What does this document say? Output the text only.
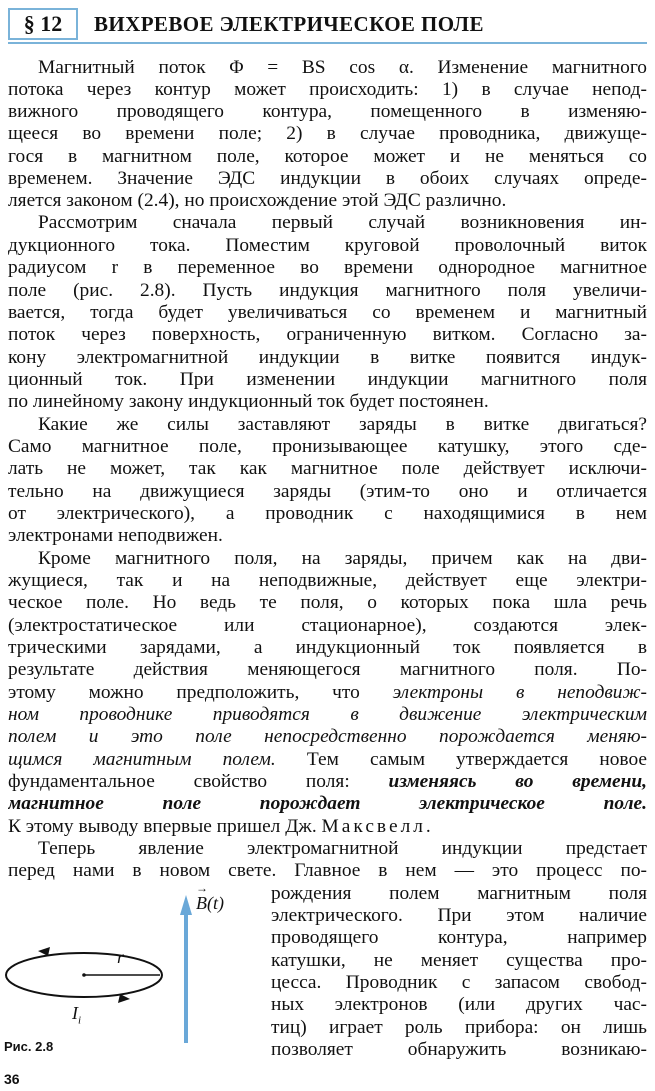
§ 12	ВИХРЕВОЕ ЭЛЕКТРИЧЕСКОЕ ПОЛЕ
Магнитный поток Φ = BS cos α. Изменение магнитного
потока через контур может происходить: 1) в случае непод-
вижного проводящего контура, помещенного в изменяю-
щееся во времени поле; 2) в случае проводника, движуще-
гося в магнитном поле, которое может и не меняться со
временем. Значение ЭДС индукции в обоих случаях опреде-
ляется законом (2.4), но происхождение этой ЭДС различно.
Рассмотрим сначала первый случай возникновения ин-
дукционного тока. Поместим круговой проволочный виток
радиусом r в переменное во времени однородное магнитное
поле (рис. 2.8). Пусть индукция магнитного поля увеличи-
вается, тогда будет увеличиваться со временем и магнитный
поток через поверхность, ограниченную витком. Согласно за-
кону электромагнитной индукции в витке появится индук-
ционный ток. При изменении индукции магнитного поля
по линейному закону индукционный ток будет постоянен.
Какие же силы заставляют заряды в витке двигаться?
Само магнитное поле, пронизывающее катушку, этого сде-
лать не может, так как магнитное поле действует исключи-
тельно на движущиеся заряды (этим-то оно и отличается
от электрического), а проводник с находящимися в нем
электронами неподвижен.
Кроме магнитного поля, на заряды, причем как на дви-
жущиеся, так и на неподвижные, действует еще электри-
ческое поле. Но ведь те поля, о которых пока шла речь
(электростатическое или стационарное), создаются элек-
трическими зарядами, а индукционный ток появляется в
результате действия меняющегося магнитного поля. По-
этому можно предположить, что электроны в неподвиж-
ном проводнике приводятся в движение электрическим
полем и это поле непосредственно порождается меняю-
щимся магнитным полем. Тем самым утверждается новое
фундаментальное свойство поля: изменяясь во времени,
магнитное поле порождает электрическое поле.
К этому выводу впервые пришел Дж. Максвелл.
Теперь явление электромагнитной индукции предстает
перед нами в новом свете. Главное в нем — это процесс по-
рождения полем магнитным поля
электрического. При этом наличие
проводящего контура, например
катушки, не меняет существа про-
цесса. Проводник с запасом свобод-
ных электронов (или других час-
тиц) играет роль прибора: он лишь
позволяет обнаружить возникаю-
→
B(t)
r
$I_i$
Рис. 2.8
36
